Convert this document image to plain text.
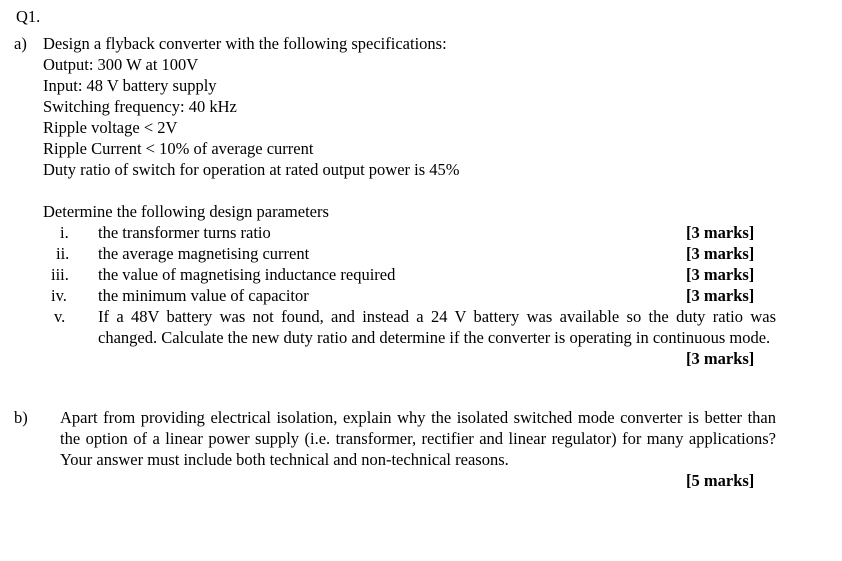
Q1.
a) Design a flyback converter with the following specifications:
Output: 300 W at 100V
Input: 48 V battery supply
Switching frequency: 40 kHz
Ripple voltage < 2V
Ripple Current < 10% of average current
Duty ratio of switch for operation at rated output power is 45%
Determine the following design parameters
i. the transformer turns ratio	[3 marks]
ii. the average magnetising current	[3 marks]
iii. the value of magnetising inductance required	[3 marks]
iv. the minimum value of capacitor	[3 marks]
v. If a 48V battery was not found, and instead a 24 V battery was available so the duty ratio was changed. Calculate the new duty ratio and determine if the converter is operating in continuous mode.
[3 marks]
b) Apart from providing electrical isolation, explain why the isolated switched mode converter is better than the option of a linear power supply (i.e. transformer, rectifier and linear regulator) for many applications? Your answer must include both technical and non-technical reasons.
[5 marks]
